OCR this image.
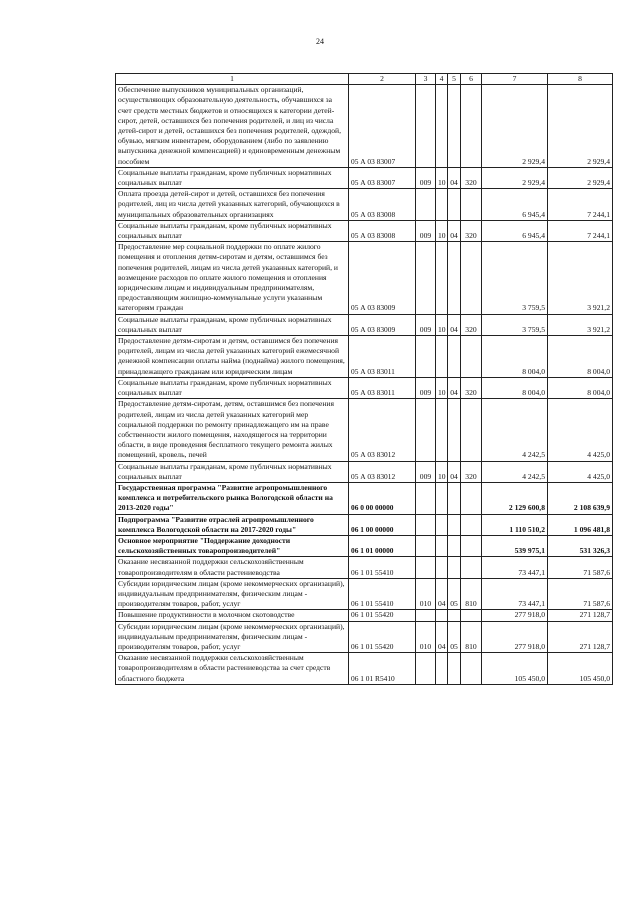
24
1	2	3	4	5	6	7	8
Обеспечение выпускников муниципальных организаций, осуществляющих образовательную деятельность, обучавшихся за счет средств местных бюджетов и относящихся к категории детей-сирот, детей, оставшихся без попечения родителей, и лиц из числа детей-сирот и детей, оставшихся без попечения родителей, одеждой, обувью, мягким инвентарем, оборудованием (либо по заявлению выпускника денежной компенсацией) и единовременным денежным пособием	05 А 03 83007					2 929,4	2 929,4
Социальные выплаты гражданам, кроме публичных нормативных социальных выплат	05 А 03 83007	009	10	04	320	2 929,4	2 929,4
Оплата проезда детей-сирот и детей, оставшихся без попечения родителей, лиц из числа детей указанных категорий, обучающихся в муниципальных образовательных организациях	05 А 03 83008					6 945,4	7 244,1
Социальные выплаты гражданам, кроме публичных нормативных социальных выплат	05 А 03 83008	009	10	04	320	6 945,4	7 244,1
Предоставление мер социальной поддержки по оплате жилого помещения и отопления детям-сиротам и детям, оставшимся без попечения родителей, лицам из числа детей указанных категорий, и возмещение расходов по оплате жилого помещения и отопления юридическим лицам и индивидуальным предпринимателям, предоставляющим жилищно-коммунальные услуги указанным категориям граждан	05 А 03 83009					3 759,5	3 921,2
Социальные выплаты гражданам, кроме публичных нормативных социальных выплат	05 А 03 83009	009	10	04	320	3 759,5	3 921,2
Предоставление детям-сиротам и детям, оставшимся без попечения родителей, лицам из числа детей указанных категорий ежемесячной денежной компенсации оплаты найма (поднайма) жилого помещения, принадлежащего гражданам или юридическим лицам	05 А 03 83011					8 004,0	8 004,0
Социальные выплаты гражданам, кроме публичных нормативных социальных выплат	05 А 03 83011	009	10	04	320	8 004,0	8 004,0
Предоставление детям-сиротам, детям, оставшимся без попечения родителей, лицам из числа детей указанных категорий мер социальной поддержки по ремонту принадлежащего им на праве собственности жилого помещения, находящегося на территории области, в виде проведения бесплатного текущего ремонта жилых помещений, кровель, печей	05 А 03 83012					4 242,5	4 425,0
Социальные выплаты гражданам, кроме публичных нормативных социальных выплат	05 А 03 83012	009	10	04	320	4 242,5	4 425,0
Государственная программа "Развитие агропромышленного комплекса и потребительского рынка Вологодской области на 2013-2020 годы"	06 0 00 00000					2 129 600,8	2 108 639,9
Подпрограмма "Развитие отраслей агропромышленного комплекса Вологодской области на 2017-2020 годы"	06 1 00 00000					1 110 510,2	1 096 481,8
Основное мероприятие "Поддержание доходности сельскохозяйственных товаропроизводителей"	06 1 01 00000					539 975,1	531 326,3
Оказание несвязанной поддержки сельскохозяйственным товаропроизводителям в области растениеводства	06 1 01 55410					73 447,1	71 587,6
Субсидии юридическим лицам (кроме некоммерческих организаций), индивидуальным предпринимателям, физическим лицам - производителям товаров, работ, услуг	06 1 01 55410	010	04	05	810	73 447,1	71 587,6
Повышение продуктивности в молочном скотоводстве	06 1 01 55420					277 918,0	271 128,7
Субсидии юридическим лицам (кроме некоммерческих организаций), индивидуальным предпринимателям, физическим лицам - производителям товаров, работ, услуг	06 1 01 55420	010	04	05	810	277 918,0	271 128,7
Оказание несвязанной поддержки сельскохозяйственным товаропроизводителям в области растениеводства за счет средств областного бюджета	06 1 01 R5410					105 450,0	105 450,0
